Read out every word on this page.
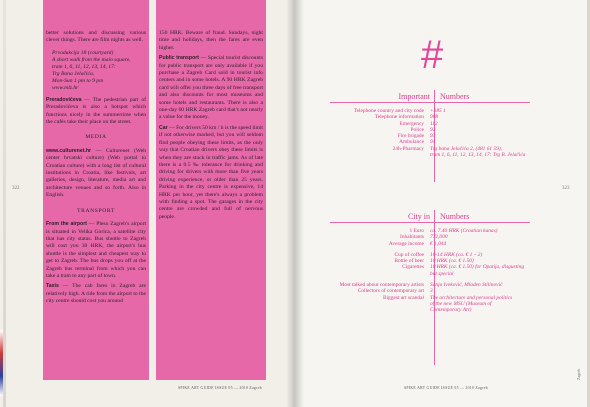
better solutions and discussing various clever things. There are film nights as well.

Prvodukcija 18 (courtyard)
A short walk from the main square,
tram 1, 6, 11, 12, 13, 14, 17:
Trg Bana Jelačića,
Mon-Sun 1 pm to 9 pm
www.mlz.hr

Preradovićeva — The pedestrian part of Preradovićeva is also a hotspot which functions nicely in the summertime when the cafés take their place on the street.

MEDIA

www.culturenet.hr — Culturenet (Web center hrvatski culture) (Web portal to Croatian culture) with a long list of cultural institutions in Croatia, like festivals, art galleries, design, literature, media art and architecture venues and so forth. Also in English.

TRANSPORT

From the airport — Pleso Zagreb's airport is situated in Velika Gorica, a satellite city that has city status. Bus shuttle to Zagreb will cost you 30 HRK, the airport's bus shuttle is the simplest and cheapest way to get to Zagreb. The bus drops you off at the Zagreb bus terminal from which you can take a tram to any part of town.

Taxis — The cab fares in Zagreb are relatively high. A ride from the airport to the city centre should cost you around

150 HRK. Beware of fraud. Sundays, night time and holidays, then the fares are even higher.

Public transport — Special tourist discounts for public transport are only available if you purchase a Zagreb Card sold in tourist info centers and in some hotels. A 90 HRK Zagreb card will offer you three days of free transport and also discounts for most museums and some hotels and restaurants. There is also a one-day 60 HRK Zagreb card that's not nearly a value for the money.

Car — For drivers 50 km / h is the speed limit if not otherwise marked, but you will seldom find people obeying these limits, as the only way that Croatian drivers obey these limits is when they are stuck in traffic jams. As of late there is a 0.5 ‰ tolerance for drinking and driving for drivers with more than five years driving experience, or older than 25 years. Parking in the city centre is expensive, 14 HRK per hour, yet there's always a problem with finding a spot. The garages in the city centre are crowded and full of nervous people.

322
SPIKE ART GUIDE ISSUE 05 — 2010 Zagreb
#
Important Numbers
Telephone country and city code	+385 1
Telephone information	988
Emergency	112
Police	92
Fire brigade	93
Ambulance	94
24h-Pharmacy	Trg bana Jelačića 2, (481 61 59),
tram 1, 6, 11, 12, 13, 14, 17: Trg B. Jelačića
City in Numbers
1 Euro	ca. 7.40 HRK (Croatian kunas)
Inhabitants	772,000
Average income	€ 1,044
Cup of coffee	10-14 HRK (ca. € 1 – 2)
Bottle of beer	10 HRK (ca. € 1.50)
Cigarettes	10 HRK (ca. € 1.50) for Opatija, disgusting
but special
Most talked about contemporary artists	Sanja Iveković, Mladen Stilinović
Collectors of contemporary art	3
Biggest art scandal	The architecture and personal politics
of the new MSU (Museum of
Contemporary Art)
323
SPIKE ART GUIDE ISSUE 05 — 2010 Zagreb
Zagreb
